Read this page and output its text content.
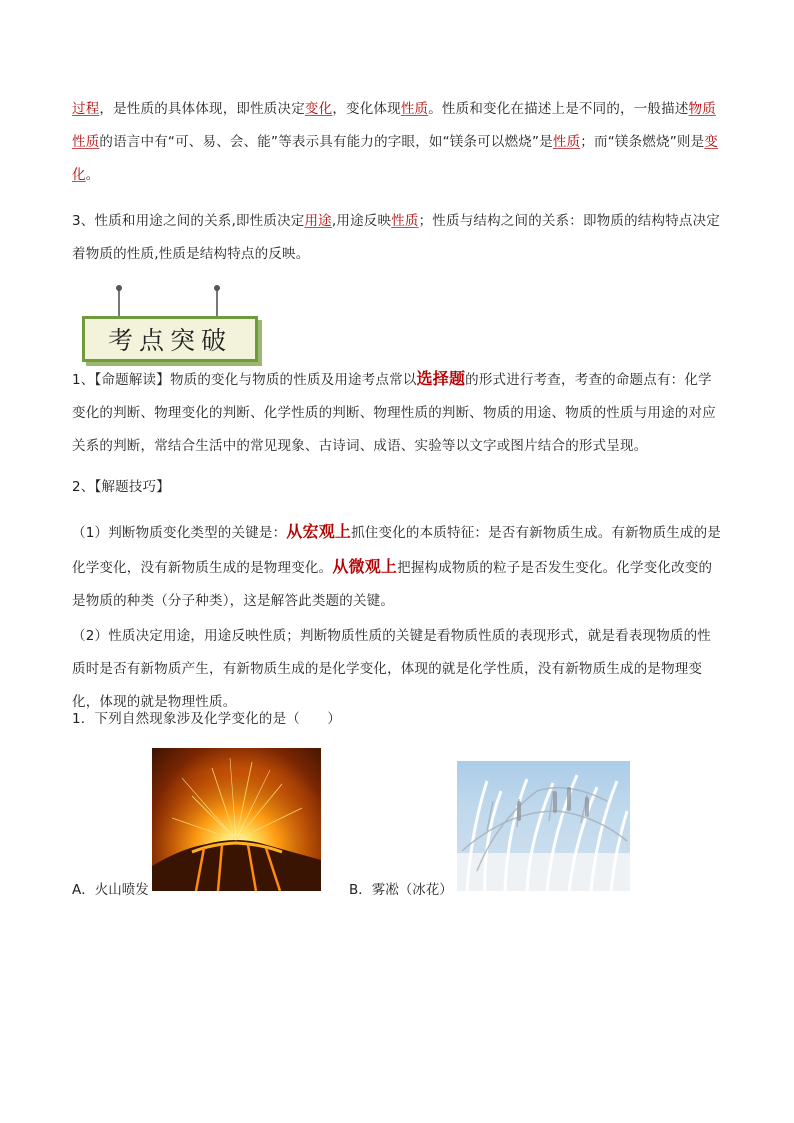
过程，是性质的具体体现，即性质决定变化，变化体现性质。性质和变化在描述上是不同的，一般描述物质性质的语言中有“可、易、会、能”等表示具有能力的字眼，如“镁条可以燃烧”是性质；而“镁条燃烧”则是变化。

3、性质和用途之间的关系,即性质决定用途,用途反映性质；性质与结构之间的关系：即物质的结构特点决定着物质的性质,性质是结构特点的反映。

考点突破

1、【命题解读】物质的变化与物质的性质及用途考点常以选择题的形式进行考查，考查的命题点有：化学变化的判断、物理变化的判断、化学性质的判断、物理性质的判断、物质的用途、物质的性质与用途的对应关系的判断，常结合生活中的常见现象、古诗词、成语、实验等以文字或图片结合的形式呈现。

2、【解题技巧】

（1）判断物质变化类型的关键是：从宏观上抓住变化的本质特征：是否有新物质生成。有新物质生成的是化学变化，没有新物质生成的是物理变化。从微观上把握构成物质的粒子是否发生变化。化学变化改变的是物质的种类（分子种类），这是解答此类题的关键。

（2）性质决定用途，用途反映性质；判断物质性质的关键是看物质性质的表现形式，就是看表现物质的性质时是否有新物质产生，有新物质生成的是化学变化，体现的就是化学性质，没有新物质生成的是物理变化，体现的就是物理性质。

1．下列自然现象涉及化学变化的是（　　）

A．火山喷发	B．雾凇（冰花）
